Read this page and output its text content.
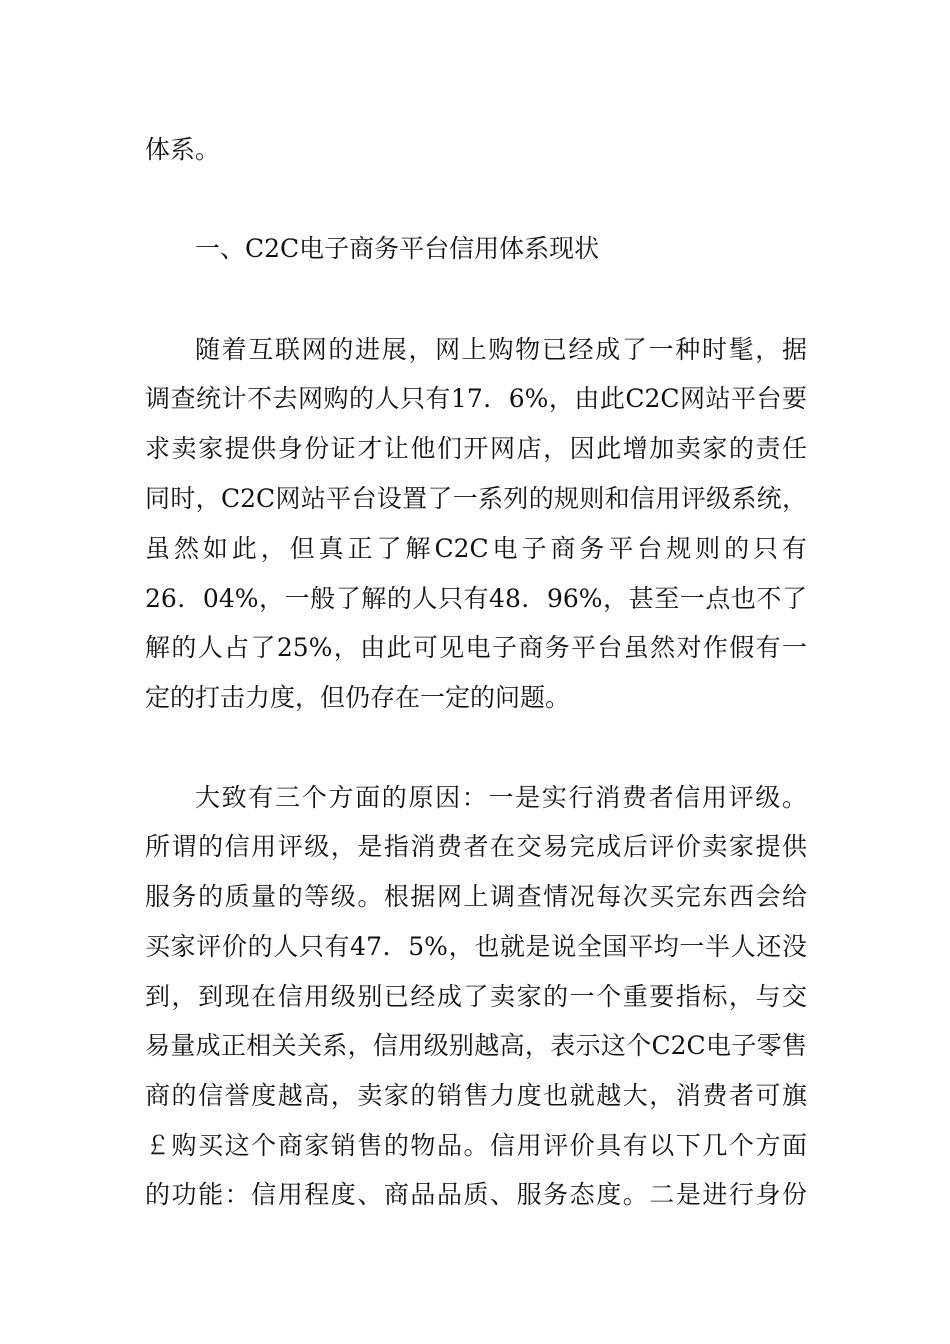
体系。
一、C2C电子商务平台信用体系现状
随着互联网的进展，网上购物已经成了一种时髦，据
调查统计不去网购的人只有17．6%，由此C2C网站平台要
求卖家提供身份证才让他们开网店，因此增加卖家的责任
同时，C2C网站平台设置了一系列的规则和信用评级系统，
虽然如此，但真正了解C2C电子商务平台规则的只有
26．04%，一般了解的人只有48．96%，甚至一点也不了
解的人占了25%，由此可见电子商务平台虽然对作假有一
定的打击力度，但仍存在一定的问题。
大致有三个方面的原因：一是实行消费者信用评级。
所谓的信用评级，是指消费者在交易完成后评价卖家提供
服务的质量的等级。根据网上调查情况每次买完东西会给
买家评价的人只有47．5%，也就是说全国平均一半人还没
到，到现在信用级别已经成了卖家的一个重要指标，与交
易量成正相关关系，信用级别越高，表示这个C2C电子零售
商的信誉度越高，卖家的销售力度也就越大，消费者可旗
￡购买这个商家销售的物品。信用评价具有以下几个方面
的功能：信用程度、商品品质、服务态度。二是进行身份
